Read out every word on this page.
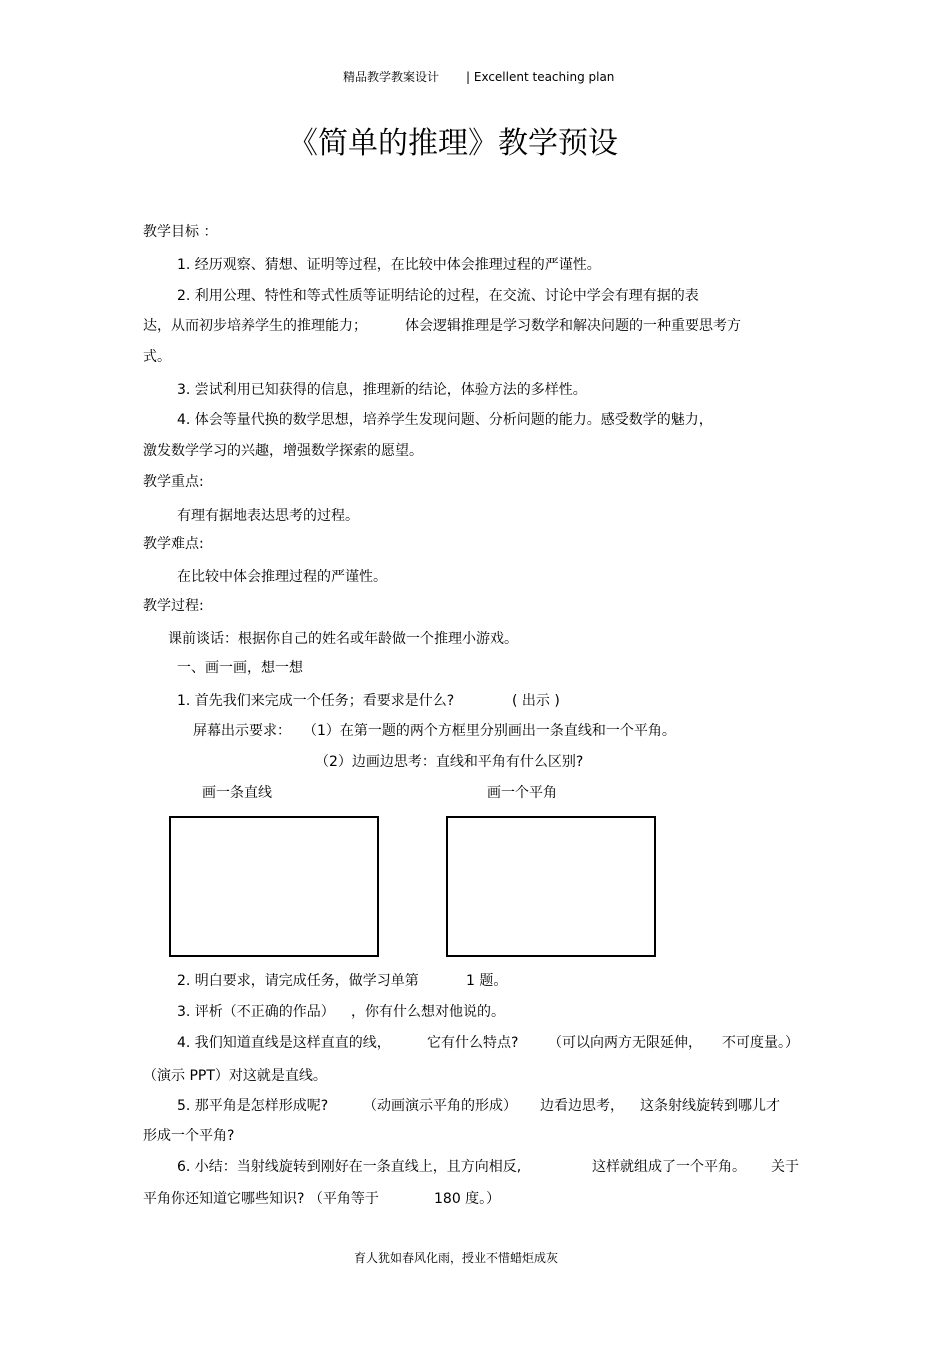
精品教学教案设计 | Excellent teaching plan
《简单的推理》教学预设
教学目标 ：
1. 经历观察、猜想、证明等过程，在比较中体会推理过程的严谨性。
2. 利用公理、特性和等式性质等证明结论的过程，在交流、讨论中学会有理有据的表
达，从而初步培养学生的推理能力；	体会逻辑推理是学习数学和解决问题的一种重要思考方
式。
3. 尝试利用已知获得的信息，推理新的结论，体验方法的多样性。
4. 体会等量代换的数学思想，培养学生发现问题、分析问题的能力。感受数学的魅力，
激发数学学习的兴趣，增强数学探索的愿望。
教学重点:
有理有据地表达思考的过程。
教学难点:
在比较中体会推理过程的严谨性。
教学过程:
课前谈话：根据你自己的姓名或年龄做一个推理小游戏。
一、画一画，想一想
1. 首先我们来完成一个任务；看要求是什么?	( 出示 )
屏幕出示要求： （1）在第一题的两个方框里分别画出一条直线和一个平角。
（2）边画边思考：直线和平角有什么区别?
画一条直线	画一个平角
2. 明白要求，请完成任务，做学习单第	1 题。
3. 评析（不正确的作品） ，你有什么想对他说的。
4. 我们知道直线是这样直直的线，	它有什么特点? （可以向两方无限延伸， 不可度量。）
（演示 PPT）对这就是直线。
5. 那平角是怎样形成呢? （动画演示平角的形成） 边看边思考， 这条射线旋转到哪儿才
形成一个平角?
6. 小结：当射线旋转到刚好在一条直线上，且方向相反,	这样就组成了一个平角。 关于
平角你还知道它哪些知识? （平角等于	180 度。）
育人犹如春风化雨，授业不惜蜡炬成灰
